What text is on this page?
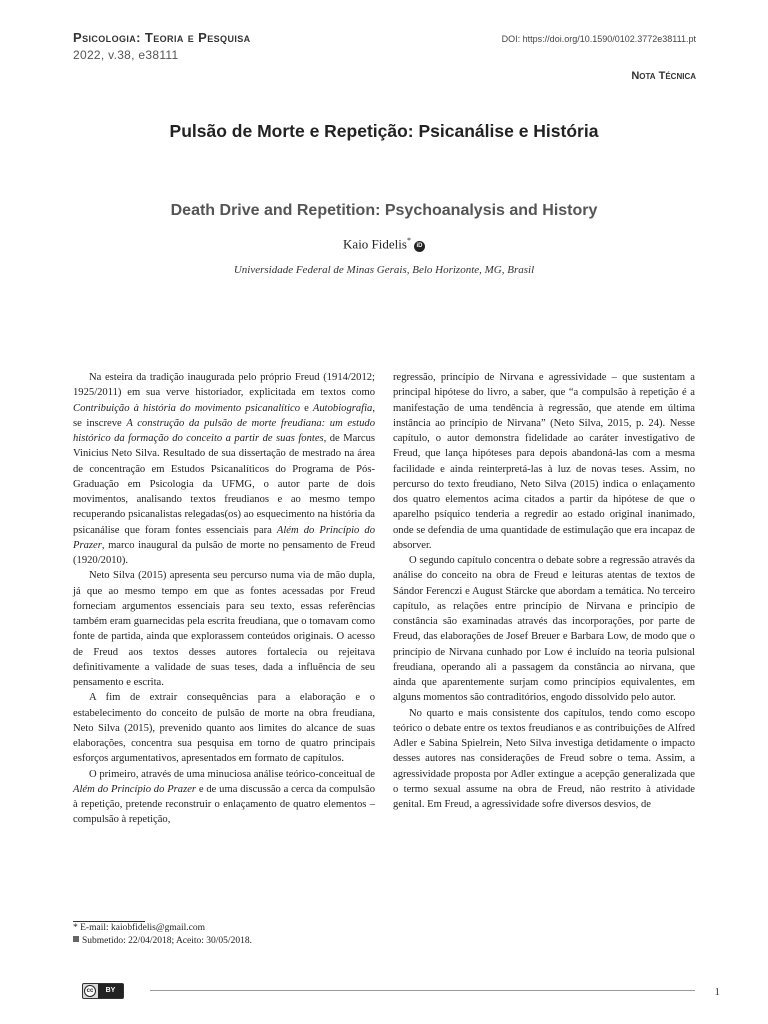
Psicologia: Teoria e Pesquisa
2022, v.38, e38111
DOI: https://doi.org/10.1590/0102.3772e38111.pt
Nota Técnica
Pulsão de Morte e Repetição: Psicanálise e História
Death Drive and Repetition: Psychoanalysis and History
Kaio Fidelis*iD
Universidade Federal de Minas Gerais, Belo Horizonte, MG, Brasil

Na esteira da tradição inaugurada pelo próprio Freud (1914/2012; 1925/2011) em sua verve historiador, explicitada em textos como Contribuição à história do movimento psicanalítico e Autobiografia, se inscreve A construção da pulsão de morte freudiana: um estudo histórico da formação do conceito a partir de suas fontes, de Marcus Vinicius Neto Silva. Resultado de sua dissertação de mestrado na área de concentração em Estudos Psicanalíticos do Programa de Pós-Graduação em Psicologia da UFMG, o autor parte de dois movimentos, analisando textos freudianos e ao mesmo tempo recuperando psicanalistas relegadas(os) ao esquecimento na história da psicanálise que foram fontes essenciais para Além do Princípio do Prazer, marco inaugural da pulsão de morte no pensamento de Freud (1920/2010).

Neto Silva (2015) apresenta seu percurso numa via de mão dupla, já que ao mesmo tempo em que as fontes acessadas por Freud forneciam argumentos essenciais para seu texto, essas referências também eram guarnecidas pela escrita freudiana, que o tomavam como fonte de partida, ainda que explorassem conteúdos originais. O acesso de Freud aos textos desses autores fortalecia ou rejeitava definitivamente a validade de suas teses, dada a influência de seu pensamento e escrita.

A fim de extrair consequências para a elaboração e o estabelecimento do conceito de pulsão de morte na obra freudiana, Neto Silva (2015), prevenido quanto aos limites do alcance de suas elaborações, concentra sua pesquisa em torno de quatro principais esforços argumentativos, apresentados em formato de capítulos.

O primeiro, através de uma minuciosa análise teórico-conceitual de Além do Princípio do Prazer e de uma discussão a cerca da compulsão à repetição, pretende reconstruir o enlaçamento de quatro elementos – compulsão à repetição,

regressão, princípio de Nirvana e agressividade – que sustentam a principal hipótese do livro, a saber, que “a compulsão à repetição é a manifestação de uma tendência à regressão, que atende em última instância ao princípio de Nirvana” (Neto Silva, 2015, p. 24). Nesse capítulo, o autor demonstra fidelidade ao caráter investigativo de Freud, que lança hipóteses para depois abandoná-las com a mesma facilidade e ainda reinterpretá-las à luz de novas teses. Assim, no percurso do texto freudiano, Neto Silva (2015) indica o enlaçamento dos quatro elementos acima citados a partir da hipótese de que o aparelho psíquico tenderia a regredir ao estado original inanimado, onde se defendia de uma quantidade de estimulação que era incapaz de absorver.

O segundo capítulo concentra o debate sobre a regressão através da análise do conceito na obra de Freud e leituras atentas de textos de Sándor Ferenczi e August Stärcke que abordam a temática. No terceiro capítulo, as relações entre princípio de Nirvana e princípio de constância são examinadas através das incorporações, por parte de Freud, das elaborações de Josef Breuer e Barbara Low, de modo que o princípio de Nirvana cunhado por Low é incluído na teoria pulsional freudiana, operando ali a passagem da constância ao nirvana, que ainda que aparentemente surjam como princípios equivalentes, em alguns momentos são contraditórios, engodo dissolvido pelo autor.

No quarto e mais consistente dos capítulos, tendo como escopo teórico o debate entre os textos freudianos e as contribuições de Alfred Adler e Sabina Spielrein, Neto Silva investiga detidamente o impacto desses autores nas considerações de Freud sobre o tema. Assim, a agressividade proposta por Adler extingue a acepção generalizada que o termo sexual assume na obra de Freud, não restrito à atividade genital. Em Freud, a agressividade sofre diversos desvios, de

* E-mail: kaiobfidelis@gmail.com
Submetido: 22/04/2018; Aceito: 30/05/2018.
cc	BY	1
